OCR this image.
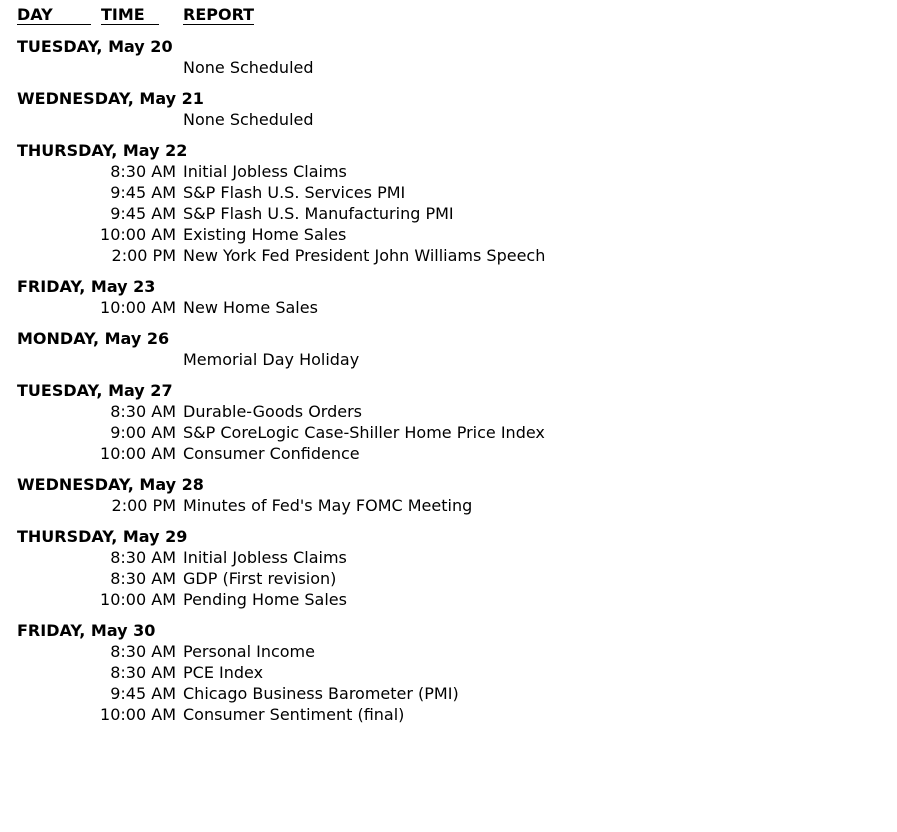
DAY	TIME	REPORT
TUESDAY, May 20
None Scheduled
WEDNESDAY, May 21
None Scheduled
THURSDAY, May 22
8:30 AM Initial Jobless Claims
9:45 AM S&P Flash U.S. Services PMI
9:45 AM S&P Flash U.S. Manufacturing PMI
10:00 AM Existing Home Sales
2:00 PM New York Fed President John Williams Speech
FRIDAY, May 23
10:00 AM New Home Sales
MONDAY, May 26
Memorial Day Holiday
TUESDAY, May 27
8:30 AM Durable-Goods Orders
9:00 AM S&P CoreLogic Case-Shiller Home Price Index
10:00 AM Consumer Confidence
WEDNESDAY, May 28
2:00 PM Minutes of Fed's May FOMC Meeting
THURSDAY, May 29
8:30 AM Initial Jobless Claims
8:30 AM GDP (First revision)
10:00 AM Pending Home Sales
FRIDAY, May 30
8:30 AM Personal Income
8:30 AM PCE Index
9:45 AM Chicago Business Barometer (PMI)
10:00 AM Consumer Sentiment (final)
